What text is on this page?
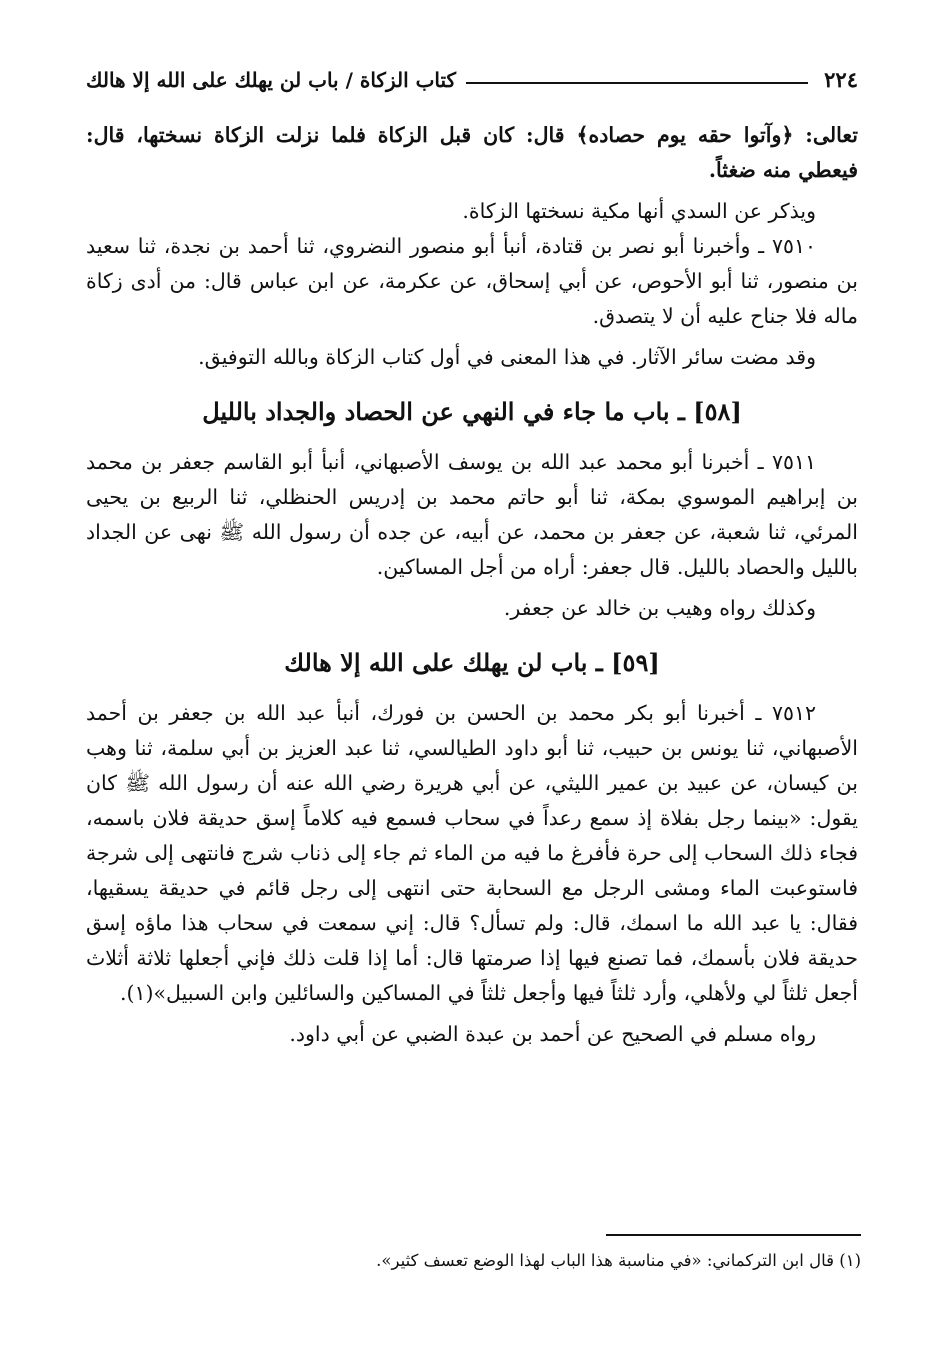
٢٢٤
كتاب الزكاة / باب لن يهلك على الله إلا هالك

تعالى: ﴿وآتوا حقه يوم حصاده﴾ قال: كان قبل الزكاة فلما نزلت الزكاة نسختها، قال: فيعطي منه ضغثاً.

ويذكر عن السدي أنها مكية نسختها الزكاة.

٧٥١٠ ـ وأخبرنا أبو نصر بن قتادة، أنبأ أبو منصور النضروي، ثنا أحمد بن نجدة، ثنا سعيد بن منصور، ثنا أبو الأحوص، عن أبي إسحاق، عن عكرمة، عن ابن عباس قال: من أدى زكاة ماله فلا جناح عليه أن لا يتصدق.

وقد مضت سائر الآثار. في هذا المعنى في أول كتاب الزكاة وبالله التوفيق.

[٥٨] ـ باب ما جاء في النهي عن الحصاد والجداد بالليل

٧٥١١ ـ أخبرنا أبو محمد عبد الله بن يوسف الأصبهاني، أنبأ أبو القاسم جعفر بن محمد بن إبراهيم الموسوي بمكة، ثنا أبو حاتم محمد بن إدريس الحنظلي، ثنا الربيع بن يحيى المرئي، ثنا شعبة، عن جعفر بن محمد، عن أبيه، عن جده أن رسول الله ﷺ نهى عن الجداد بالليل والحصاد بالليل. قال جعفر: أراه من أجل المساكين.

وكذلك رواه وهيب بن خالد عن جعفر.

[٥٩] ـ باب لن يهلك على الله إلا هالك

٧٥١٢ ـ أخبرنا أبو بكر محمد بن الحسن بن فورك، أنبأ عبد الله بن جعفر بن أحمد الأصبهاني، ثنا يونس بن حبيب، ثنا أبو داود الطيالسي، ثنا عبد العزيز بن أبي سلمة، ثنا وهب بن كيسان، عن عبيد بن عمير الليثي، عن أبي هريرة رضي الله عنه أن رسول الله ﷺ كان يقول: «بينما رجل بفلاة إذ سمع رعداً في سحاب فسمع فيه كلاماً إسق حديقة فلان باسمه، فجاء ذلك السحاب إلى حرة فأفرغ ما فيه من الماء ثم جاء إلى ذناب شرج فانتهى إلى شرجة فاستوعبت الماء ومشى الرجل مع السحابة حتى انتهى إلى رجل قائم في حديقة يسقيها، فقال: يا عبد الله ما اسمك، قال: ولم تسأل؟ قال: إني سمعت في سحاب هذا ماؤه إسق حديقة فلان بأسمك، فما تصنع فيها إذا صرمتها قال: أما إذا قلت ذلك فإني أجعلها ثلاثة أثلاث أجعل ثلثاً لي ولأهلي، وأرد ثلثاً فيها وأجعل ثلثاً في المساكين والسائلين وابن السبيل»(١).

رواه مسلم في الصحيح عن أحمد بن عبدة الضبي عن أبي داود.

(١) قال ابن التركماني: «في مناسبة هذا الباب لهذا الوضع تعسف كثير».
